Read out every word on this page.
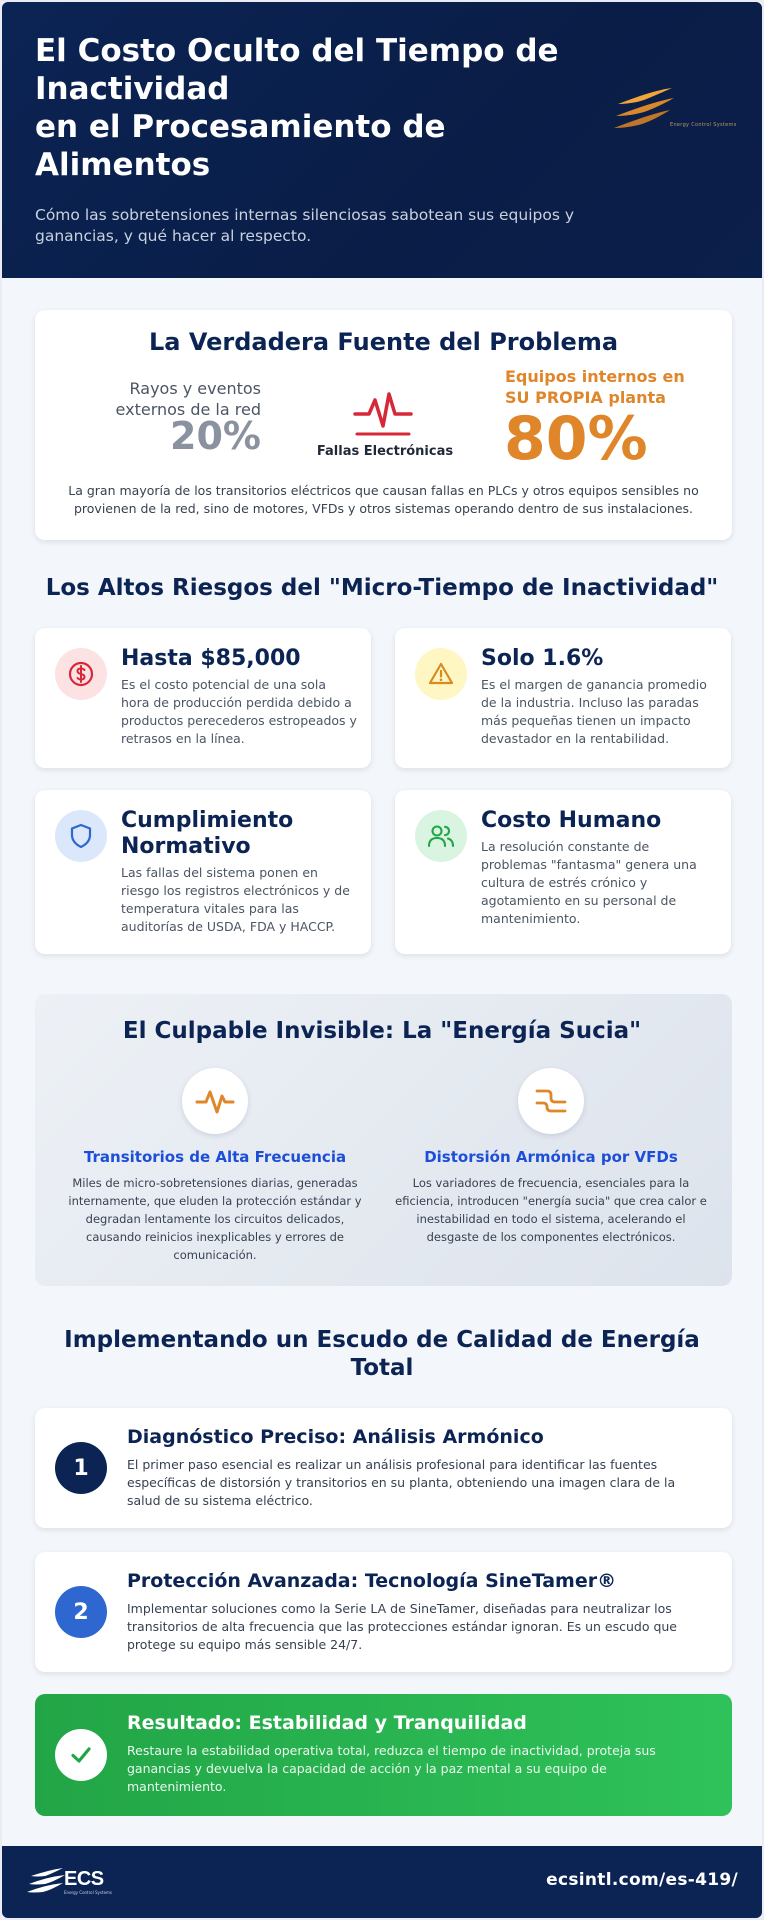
El Costo Oculto del Tiempo de
Inactividad
en el Procesamiento de
Alimentos
Cómo las sobretensiones internas silenciosas sabotean sus equipos y ganancias, y qué hacer al respecto.
Energy Control Systems
La Verdadera Fuente del Problema
Rayos y eventos externos de la red
20%	Fallas Electrónicas
Equipos internos en SU PROPIA planta
80%
La gran mayoría de los transitorios eléctricos que causan fallas en PLCs y otros equipos sensibles no provienen de la red, sino de motores, VFDs y otros sistemas operando dentro de sus instalaciones.
Los Altos Riesgos del "Micro-Tiempo de Inactividad"
Hasta $85,000
Es el costo potencial de una sola hora de producción perdida debido a productos perecederos estropeados y retrasos en la línea.
Solo 1.6%
Es el margen de ganancia promedio de la industria. Incluso las paradas más pequeñas tienen un impacto devastador en la rentabilidad.
Cumplimiento Normativo
Las fallas del sistema ponen en riesgo los registros electrónicos y de temperatura vitales para las auditorías de USDA, FDA y HACCP.
Costo Humano
La resolución constante de problemas "fantasma" genera una cultura de estrés crónico y agotamiento en su personal de mantenimiento.
El Culpable Invisible: La "Energía Sucia"
Transitorios de Alta Frecuencia
Miles de micro-sobretensiones diarias, generadas internamente, que eluden la protección estándar y degradan lentamente los circuitos delicados, causando reinicios inexplicables y errores de comunicación.
Distorsión Armónica por VFDs
Los variadores de frecuencia, esenciales para la eficiencia, introducen "energía sucia" que crea calor e inestabilidad en todo el sistema, acelerando el desgaste de los componentes electrónicos.
Implementando un Escudo de Calidad de Energía Total
1
Diagnóstico Preciso: Análisis Armónico
El primer paso esencial es realizar un análisis profesional para identificar las fuentes específicas de distorsión y transitorios en su planta, obteniendo una imagen clara de la salud de su sistema eléctrico.
2
Protección Avanzada: Tecnología SineTamer®
Implementar soluciones como la Serie LA de SineTamer, diseñadas para neutralizar los transitorios de alta frecuencia que las protecciones estándar ignoran. Es un escudo que protege su equipo más sensible 24/7.
Resultado: Estabilidad y Tranquilidad
Restaure la estabilidad operativa total, reduzca el tiempo de inactividad, proteja sus ganancias y devuelva la capacidad de acción y la paz mental a su equipo de mantenimiento.
ECS
Energy Control Systems
ecsintl.com/es-419/
